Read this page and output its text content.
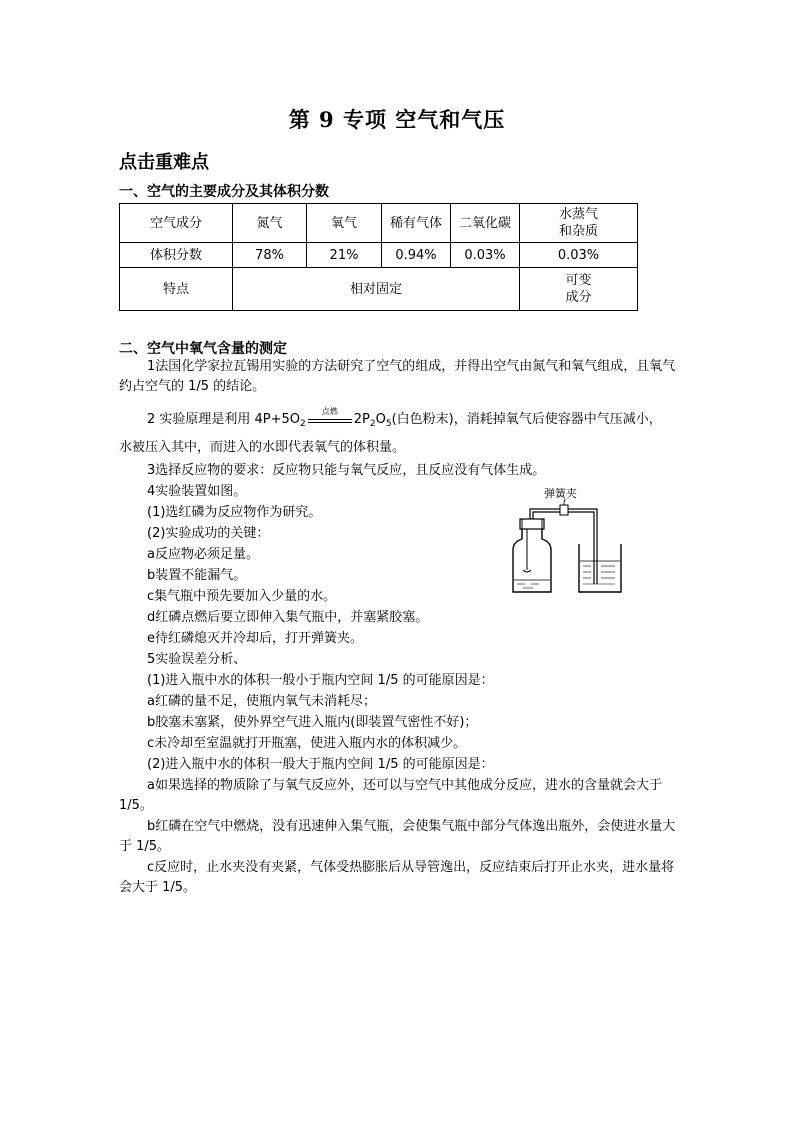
第 9 专项 空气和气压
点击重难点
一、空气的主要成分及其体积分数
空气成分	氮气	氧气	稀有气体	二氧化碳	水蒸气
和杂质

体积分数	78%	21%	0.94%	0.03%	0.03%
特点	相对固定				可变
成分
二、空气中氧气含量的测定
1法国化学家拉瓦锡用实验的方法研究了空气的组成，并得出空气由氮气和氧气组成，且氧气约占空气的 1/5 的结论。
2 实验原理是利用 $4P+5O_2$
点燃
$2P_2O_5$(白色粉末)，消耗掉氧气后使容器中气压减小，
水被压入其中，而进入的水即代表氧气的体积量。
3选择反应物的要求：反应物只能与氧气反应，且反应没有气体生成。
4实验装置如图。
(1)选红磷为反应物作为研究。
(2)实验成功的关键：
a反应物必须足量。
b装置不能漏气。
c集气瓶中预先要加入少量的水。
d红磷点燃后要立即伸入集气瓶中，并塞紧胶塞。
e待红磷熄灭并冷却后，打开弹簧夹。
5实验误差分析、
(1)进入瓶中水的体积一般小于瓶内空间 1/5 的可能原因是：
a红磷的量不足，使瓶内氧气未消耗尽；
b胶塞未塞紧，使外界空气进入瓶内(即装置气密性不好)；
c未冷却至室温就打开瓶塞，使进入瓶内水的体积减少。
(2)进入瓶中水的体积一般大于瓶内空间 1/5 的可能原因是：
a如果选择的物质除了与氧气反应外，还可以与空气中其他成分反应，进水的含量就会大于 1/5。
b红磷在空气中燃烧，没有迅速伸入集气瓶，会使集气瓶中部分气体逸出瓶外，会使进水量大于 1/5。
c反应时，止水夹没有夹紧，气体受热膨胀后从导管逸出，反应结束后打开止水夹，进水量将会大于 1/5。
弹簧夹
